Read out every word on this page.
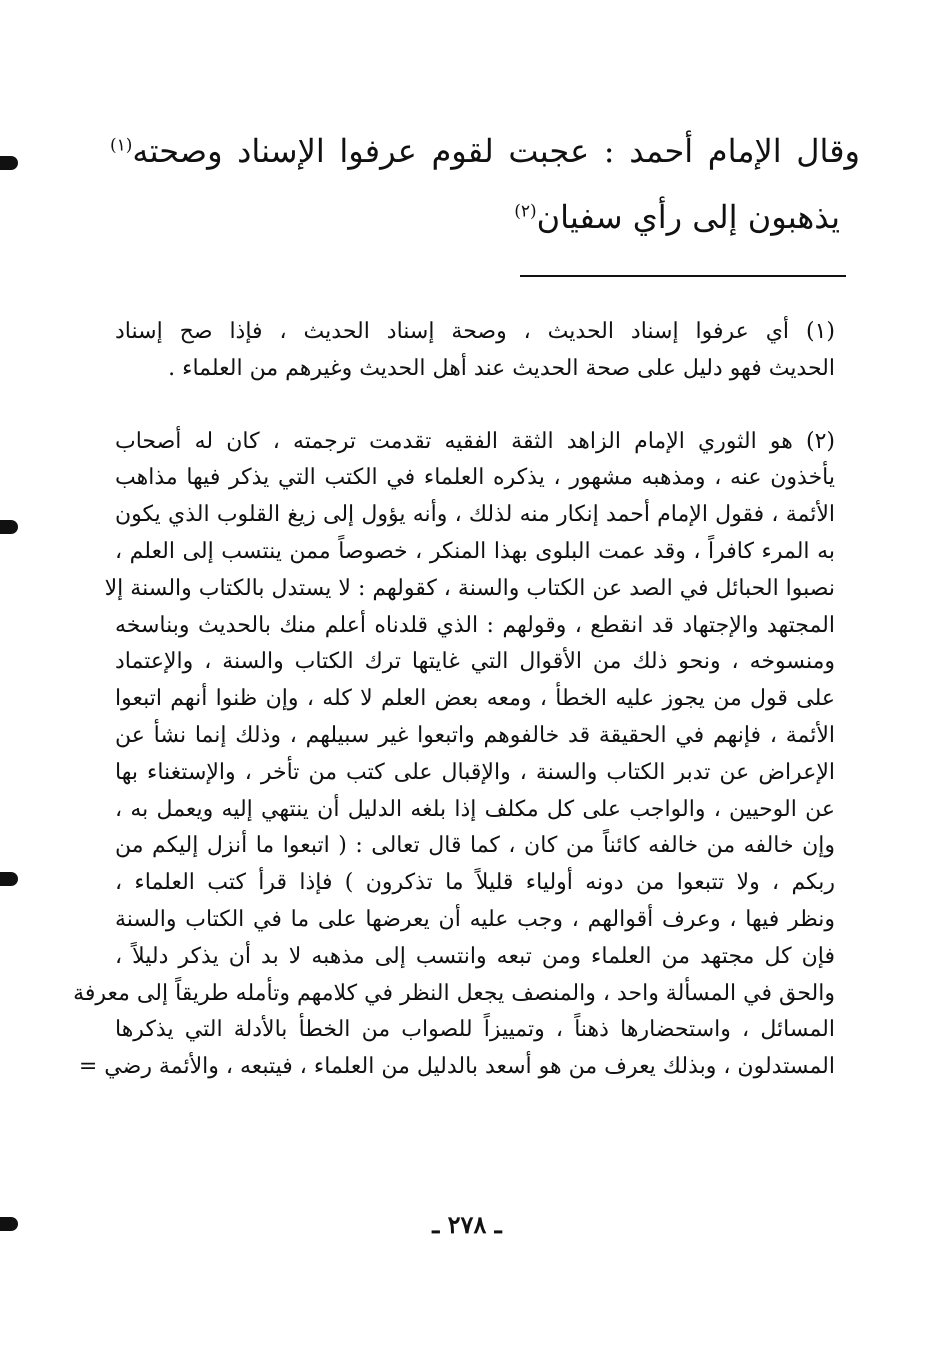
وقال الإمام أحمد : عجبت لقوم عرفوا الإسناد وصحته$^{(١)}$
يذهبون إلى رأي سفيان$^{(٢)}$
(١) أي عرفوا إسناد الحديث ، وصحة إسناد الحديث ، فإذا صح إسناد
الحديث فهو دليل على صحة الحديث عند أهل الحديث وغيرهم من العلماء .
(٢) هو الثوري الإمام الزاهد الثقة الفقيه تقدمت ترجمته ، كان له أصحاب
يأخذون عنه ، ومذهبه مشهور ، يذكره العلماء في الكتب التي يذكر فيها مذاهب
الأئمة ، فقول الإمام أحمد إنكار منه لذلك ، وأنه يؤول إلى زيغ القلوب الذي يكون
به المرء كافراً ، وقد عمت البلوى بهذا المنكر ، خصوصاً ممن ينتسب إلى العلم ،
نصبوا الحبائل في الصد عن الكتاب والسنة ، كقولهم : لا يستدل بالكتاب والسنة إلا
المجتهد والإجتهاد قد انقطع ، وقولهم : الذي قلدناه أعلم منك بالحديث وبناسخه
ومنسوخه ، ونحو ذلك من الأقوال التي غايتها ترك الكتاب والسنة ، والإعتماد
على قول من يجوز عليه الخطأ ، ومعه بعض العلم لا كله ، وإن ظنوا أنهم اتبعوا
الأئمة ، فإنهم في الحقيقة قد خالفوهم واتبعوا غير سبيلهم ، وذلك إنما نشأ عن
الإعراض عن تدبر الكتاب والسنة ، والإقبال على كتب من تأخر ، والإستغناء بها
عن الوحيين ، والواجب على كل مكلف إذا بلغه الدليل أن ينتهي إليه ويعمل به ،
وإن خالفه من خالفه كائناً من كان ، كما قال تعالى : ( اتبعوا ما أنزل إليكم من
ربكم ، ولا تتبعوا من دونه أولياء قليلاً ما تذكرون ) فإذا قرأ كتب العلماء ،
ونظر فيها ، وعرف أقوالهم ، وجب عليه أن يعرضها على ما في الكتاب والسنة
فإن كل مجتهد من العلماء ومن تبعه وانتسب إلى مذهبه لا بد أن يذكر دليلاً ،
والحق في المسألة واحد ، والمنصف يجعل النظر في كلامهم وتأمله طريقاً إلى معرفة
المسائل ، واستحضارها ذهناً ، وتمييزاً للصواب من الخطأ بالأدلة التي يذكرها
المستدلون ، وبذلك يعرف من هو أسعد بالدليل من العلماء ، فيتبعه ، والأئمة رضي =
ـ ٢٧٨ ـ
